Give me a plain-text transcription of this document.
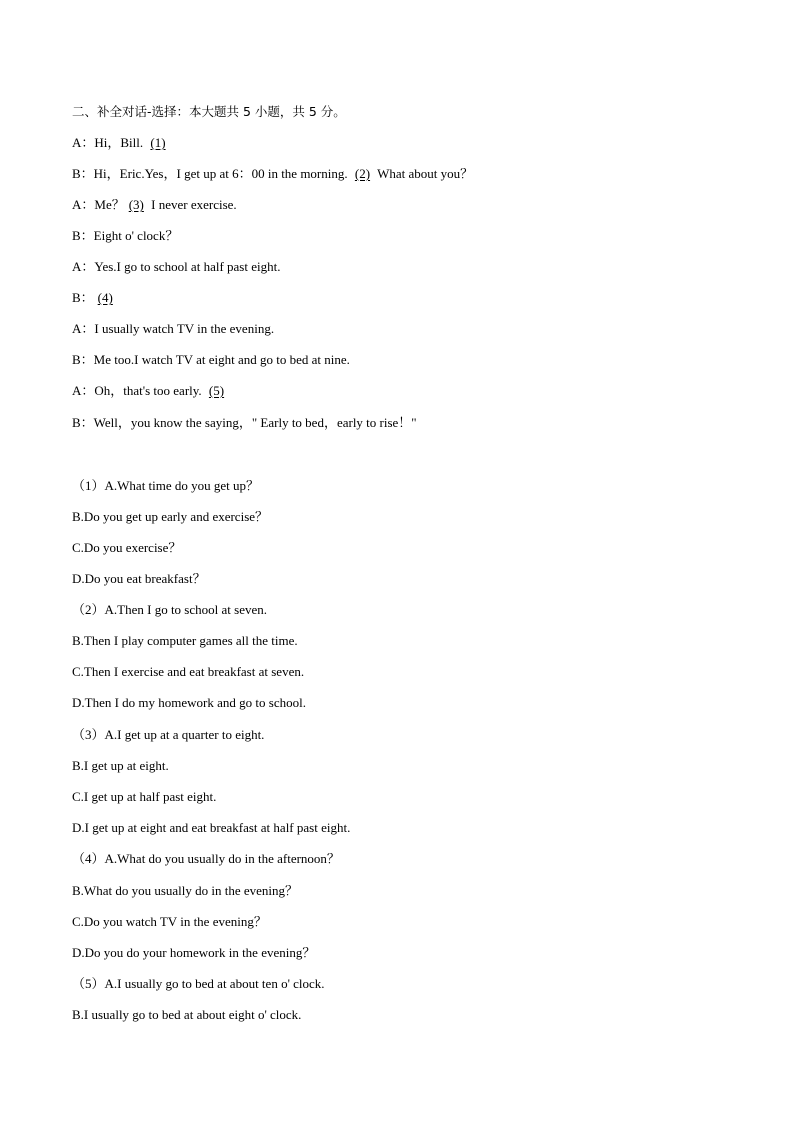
二、补全对话-选择：本大题共 5 小题，共 5 分。
A：Hi，Bill. (1)
B：Hi，Eric.Yes，I get up at 6：00 in the morning. (2) What about you？
A：Me？ (3) I never exercise.
B：Eight o' clock？
A：Yes.I go to school at half past eight.
B： (4)
A：I usually watch TV in the evening.
B：Me too.I watch TV at eight and go to bed at nine.
A：Oh，that's too early. (5)
B：Well，you know the saying，" Early to bed，early to rise！"
（1）A.What time do you get up？
B.Do you get up early and exercise？
C.Do you exercise？
D.Do you eat breakfast？
（2）A.Then I go to school at seven.
B.Then I play computer games all the time.
C.Then I exercise and eat breakfast at seven.
D.Then I do my homework and go to school.
（3）A.I get up at a quarter to eight.
B.I get up at eight.
C.I get up at half past eight.
D.I get up at eight and eat breakfast at half past eight.
（4）A.What do you usually do in the afternoon？
B.What do you usually do in the evening？
C.Do you watch TV in the evening？
D.Do you do your homework in the evening？
（5）A.I usually go to bed at about ten o' clock.
B.I usually go to bed at about eight o' clock.
